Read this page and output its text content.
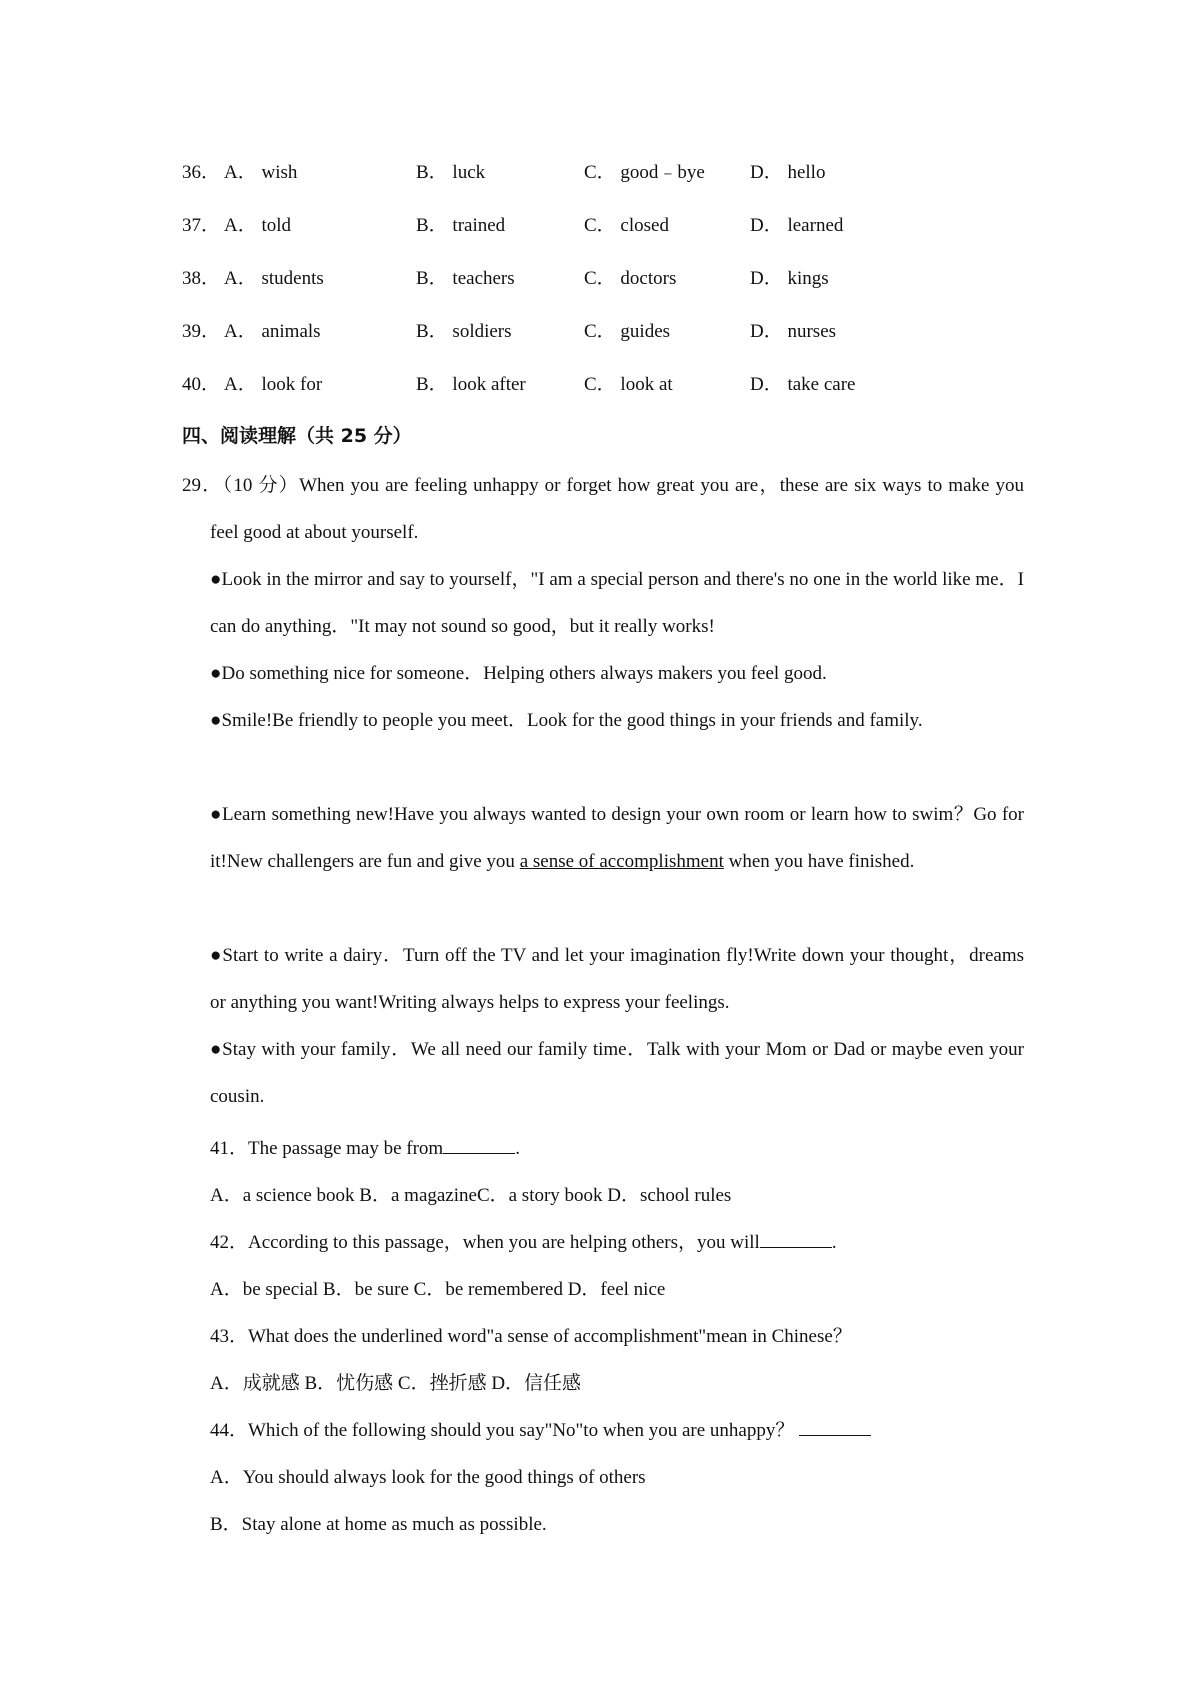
36． A． wish	B． luck	C． good﹣bye D． hello
37． A． told	B． trained	C． closed	D． learned
38． A． students	B． teachers	C． doctors	D． kings
39． A． animals	B． soldiers	C． guides	D． nurses
40． A． look for	B． look after	C． look at	D． take care
四、阅读理解（共 25 分）
29．（10 分）When you are feeling unhappy or forget how great you are，these are six ways to make you feel good at about yourself.
●Look in the mirror and say to yourself，"I am a special person and there's no one in the world like me．I can do anything．"It may not sound so good，but it really works!
●Do something nice for someone．Helping others always makers you feel good.
●Smile!Be friendly to people you meet．Look for the good things in your friends and family.
●Learn something new!Have you always wanted to design your own room or learn how to swim？Go for it!New challengers are fun and give you a sense of accomplishment when you have finished.
●Start to write a dairy．Turn off the TV and let your imagination fly!Write down your thought，dreams or anything you want!Writing always helps to express your feelings.
●Stay with your family．We all need our family time．Talk with your Mom or Dad or maybe even your cousin.
41．The passage may be from	.
A．a science book B．a magazineC．a story book D．school rules
42．According to this passage，when you are helping others，you will	.
A．be special B．be sure C．be remembered D．feel nice
43．What does the underlined word"a sense of accomplishment"mean in Chinese？
A．成就感 B．忧伤感 C．挫折感 D．信任感
44．Which of the following should you say"No"to when you are unhappy？
A．You should always look for the good things of others
B．Stay alone at home as much as possible.
